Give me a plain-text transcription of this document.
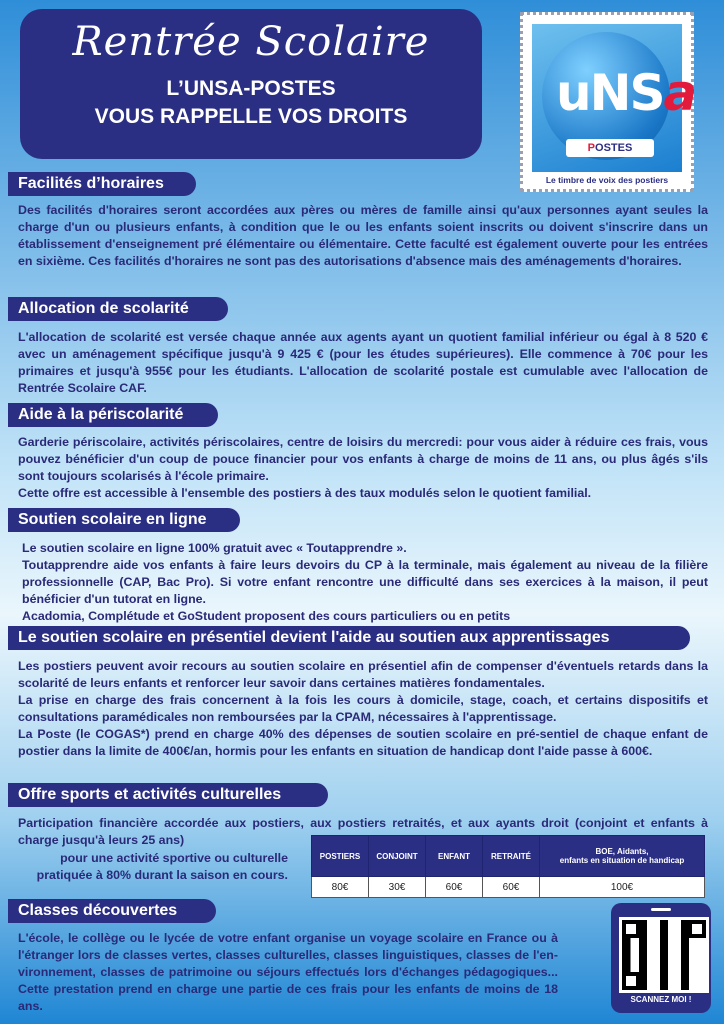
Rentrée Scolaire
L’UNSA-POSTES
VOUS RAPPELLE VOS DROITS	uNSa
POSTES
Le timbre de voix des postiers
Facilités d’horaires
Des facilités d'horaires seront accordées aux pères ou mères de famille ainsi qu'aux personnes ayant seules la charge d'un ou plusieurs enfants, à condition que le ou les enfants soient inscrits ou doivent s'inscrire dans un établissement d'enseignement pré élémentaire ou élémentaire. Cette faculté est également ouverte pour les entrées en sixième. Ces facilités d'horaires ne sont pas des autorisations d'absence mais des aménagements d'horaires.
Allocation de scolarité
L'allocation de scolarité est versée chaque année aux agents ayant un quotient familial inférieur ou égal à 8 520 € avec un aménagement spécifique jusqu'à 9 425 € (pour les études supérieures). Elle commence à 70€ pour les primaires et jusqu'à 955€ pour les étudiants. L'allocation de scolarité postale est cumulable avec l'allocation de Rentrée Scolaire CAF.
Aide à la périscolarité

Garderie périscolaire, activités périscolaires, centre de loisirs du mercredi: pour vous aider à réduire ces frais, vous pouvez bénéficier d'un coup de pouce financier pour vos enfants à charge de moins de 11 ans, ou plus âgés s'ils sont toujours scolarisés à l'école primaire.

Cette offre est accessible à l'ensemble des postiers à des taux modulés selon le quotient familial.

Soutien scolaire en ligne

Le soutien scolaire en ligne 100% gratuit avec « Toutapprendre ».

Toutapprendre aide vos enfants à faire leurs devoirs du CP à la terminale, mais également au niveau de la filière professionnelle (CAP, Bac Pro). Si votre enfant rencontre une difficulté dans ses exercices à la maison, il peut bénéficier d'un tutorat en ligne.

Acadomia, Complétude et GoStudent proposent des cours particuliers ou en petits

Le soutien scolaire en présentiel devient l'aide au soutien aux apprentissages

Les postiers peuvent avoir recours au soutien scolaire en présentiel afin de compenser d'éventuels retards dans la scolarité de leurs enfants et renforcer leur savoir dans certaines matières fondamentales.

La prise en charge des frais concernent à la fois les cours à domicile, stage, coach, et certains dispositifs et consultations paramédicales non remboursées par la CPAM, nécessaires à l'apprentissage.

La Poste (le COGAS*) prend en charge 40% des dépenses de soutien scolaire en pré-sentiel de chaque enfant de postier dans la limite de 400€/an, hormis pour les enfants en situation de handicap dont l'aide passe à 600€.

Offre sports et activités culturelles

Participation financière accordée aux postiers, aux postiers retraités, et aux ayants droit (conjoint et enfants à charge jusqu'à leurs 25 ans)

pour une activité sportive ou culturelle pratiquée à 80% durant la saison en cours.
POSTIERS	CONJOINT	ENFANT	RETRAITÉ	BOE, Aidants,
enfants en situation de handicap
80€	30€	60€	60€	100€
Classes découvertes
L'école, le collège ou le lycée de votre enfant organise un voyage scolaire en France ou à l'étranger lors de classes vertes, classes culturelles, classes linguistiques, classes de l'en-vironnement, classes de patrimoine ou séjours effectués lors d'échanges pédagogiques... Cette prestation prend en charge une partie de ces frais pour les enfants de moins de 18 ans.	SCANNEZ MOI !
